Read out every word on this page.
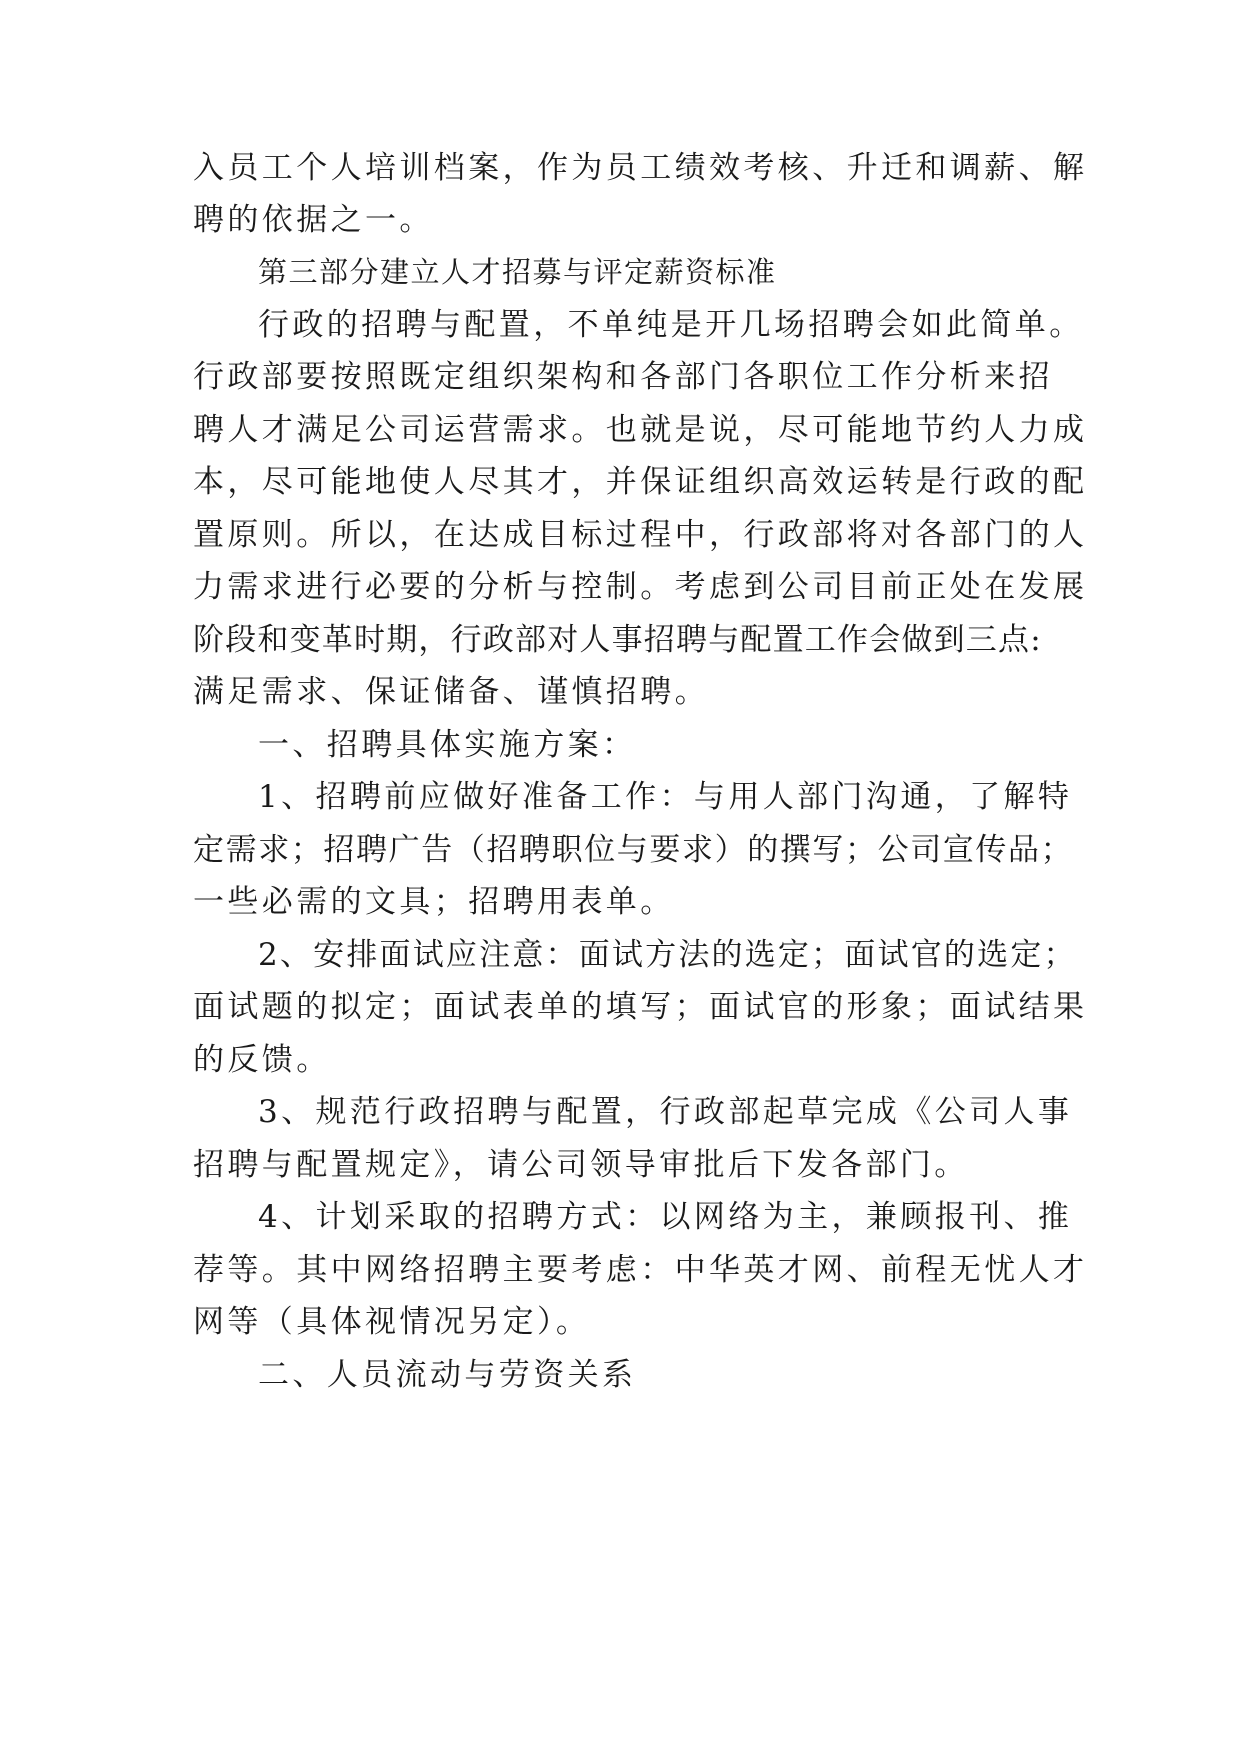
入员工个人培训档案，作为员工绩效考核、升迁和调薪、解
聘的依据之一。
第三部分建立人才招募与评定薪资标准
行政的招聘与配置，不单纯是开几场招聘会如此简单。
行政部要按照既定组织架构和各部门各职位工作分析来招
聘人才满足公司运营需求。也就是说，尽可能地节约人力成
本，尽可能地使人尽其才，并保证组织高效运转是行政的配
置原则。所以，在达成目标过程中，行政部将对各部门的人
力需求进行必要的分析与控制。考虑到公司目前正处在发展
阶段和变革时期，行政部对人事招聘与配置工作会做到三点:
满足需求、保证储备、谨慎招聘。
一、招聘具体实施方案：
1、招聘前应做好准备工作：与用人部门沟通，了解特
定需求；招聘广告（招聘职位与要求）的撰写；公司宣传品；
一些必需的文具；招聘用表单。
2、安排面试应注意：面试方法的选定；面试官的选定；
面试题的拟定；面试表单的填写；面试官的形象；面试结果
的反馈。
3、规范行政招聘与配置，行政部起草完成《公司人事
招聘与配置规定》，请公司领导审批后下发各部门。
4、计划采取的招聘方式：以网络为主，兼顾报刊、推
荐等。其中网络招聘主要考虑：中华英才网、前程无忧人才
网等（具体视情况另定）。
二、人员流动与劳资关系
